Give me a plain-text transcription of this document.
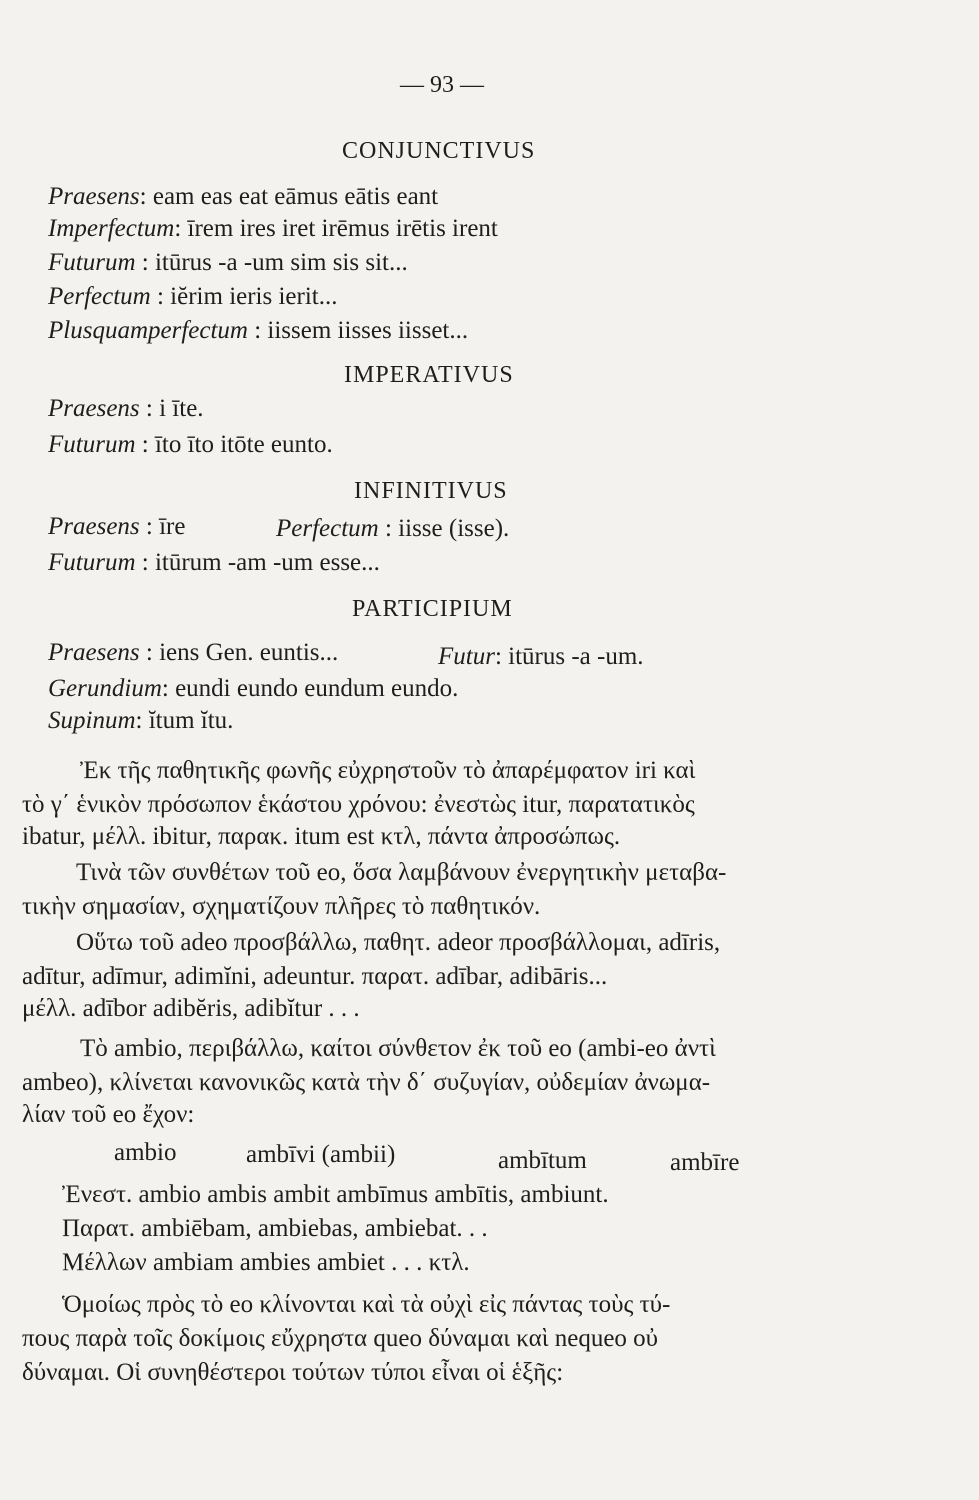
— 93 —
CONJUNCTIVUS
Praesens: eam eas eat eāmus eātis eant
Imperfectum: īrem ires iret irēmus irētis irent
Futurum : itūrus -a -um sim sis sit...
Perfectum : iĕrim ieris ierit...
Plusquamperfectum : iissem iisses iisset...
IMPERATIVUS
Praesens : i īte.
Futurum : īto īto itōte eunto.
INFINITIVUS
Praesens : īre	Perfectum : iisse (isse).
Futurum : itūrum -am -um esse...
PARTICIPIUM
Praesens : iens Gen. euntis...	Futur: itūrus -a -um.
Gerundium: eundi eundo eundum eundo.
Supinum: ĭtum ĭtu.
Ἐκ τῆς παθητικῆς φωνῆς εὐχρηστοῦν τὸ ἀπαρέμφατον iri καὶ
τὸ γ΄ ἑνικὸν πρόσωπον ἑκάστου χρόνου: ἐνεστὼς itur, παρατατικὸς
ibatur, μέλλ. ibitur, παρακ. itum est κτλ, πάντα ἀπροσώπως.
Τινὰ τῶν συνθέτων τοῦ eo, ὅσα λαμβάνουν ἐνεργητικὴν μεταβα-
τικὴν σημασίαν, σχηματίζουν πλῆρες τὸ παθητικόν.
Οὕτω τοῦ adeo προσβάλλω, παθητ. adeor προσβάλλομαι, adīris,
adītur, adīmur, adimĭni, adeuntur. παρατ. adībar, adibāris...
μέλλ. adībor adibĕris, adibĭtur . . .
Τὸ ambio, περιβάλλω, καίτοι σύνθετον ἐκ τοῦ eo (ambi-eo ἀντὶ
ambeo), κλίνεται κανονικῶς κατὰ τὴν δ΄ συζυγίαν, οὐδεμίαν ἀνωμα-
λίαν τοῦ eo ἔχον:
ambio	ambīvi (ambii)	ambītum	ambīre
Ἐνεστ. ambio ambis ambit ambīmus ambītis, ambiunt.
Παρατ. ambiēbam, ambiebas, ambiebat. . .
Μέλλων ambiam ambies ambiet . . . κτλ.
Ὁμοίως πρὸς τὸ eo κλίνονται καὶ τὰ οὐχὶ εἰς πάντας τοὺς τύ-
πους παρὰ τοῖς δοκίμοις εὔχρηστα queo δύναμαι καὶ nequeo οὐ
δύναμαι. Οἱ συνηθέστεροι τούτων τύποι εἶναι οἱ ἑξῆς:
